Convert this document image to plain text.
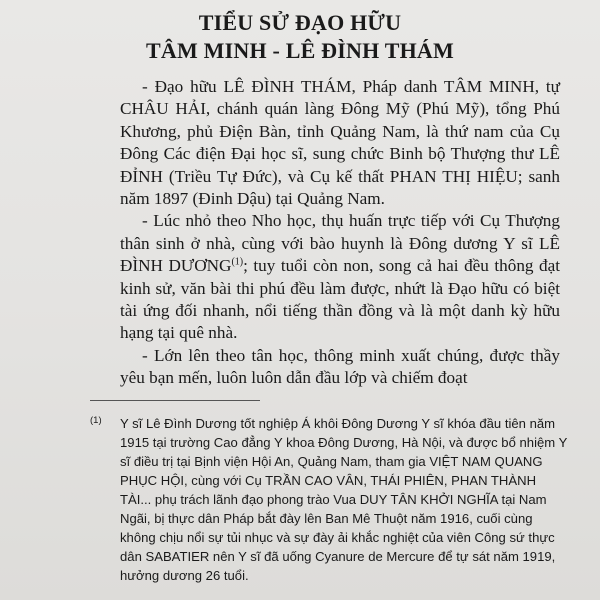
TIỂU SỬ ĐẠO HỮU
TÂM MINH - LÊ ĐÌNH THÁM

- Đạo hữu LÊ ĐÌNH THÁM, Pháp danh TÂM MINH, tự CHÂU HẢI, chánh quán làng Đông Mỹ (Phú Mỹ), tổng Phú Khương, phủ Điện Bàn, tỉnh Quảng Nam, là thứ nam của Cụ Đông Các điện Đại học sĩ, sung chức Binh bộ Thượng thư LÊ ĐỈNH (Triều Tự Đức), và Cụ kế thất PHAN THỊ HIỆU; sanh năm 1897 (Đinh Dậu) tại Quảng Nam.

- Lúc nhỏ theo Nho học, thụ huấn trực tiếp với Cụ Thượng thân sinh ở nhà, cùng với bào huynh là Đông dương Y sĩ LÊ ĐÌNH DƯƠNG$^{(1)}$; tuy tuổi còn non, song cả hai đều thông đạt kinh sử, văn bài thi phú đều làm được, nhứt là Đạo hữu có biệt tài ứng đối nhanh, nổi tiếng thần đồng và là một danh kỳ hữu hạng tại quê nhà.

- Lớn lên theo tân học, thông minh xuất chúng, được thầy yêu bạn mến, luôn luôn dẫn đầu lớp và chiếm đoạt

(1) Y sĩ Lê Đình Dương tốt nghiệp Á khôi Đông Dương Y sĩ khóa đầu tiên năm 1915 tại trường Cao đẳng Y khoa Đông Dương, Hà Nội, và được bổ nhiệm Y sĩ điều trị tại Bịnh viện Hội An, Quảng Nam, tham gia VIỆT NAM QUANG PHỤC HỘI, cùng với Cụ TRẦN CAO VÂN, THÁI PHIÊN, PHAN THÀNH TÀI... phụ trách lãnh đạo phong trào Vua DUY TÂN KHỞI NGHĨA tại Nam Ngãi, bị thực dân Pháp bắt đày lên Ban Mê Thuột năm 1916, cuối cùng không chịu nổi sự tủi nhục và sự đày ải khắc nghiệt của viên Công sứ thực dân SABATIER nên Y sĩ đã uống Cyanure de Mercure để tự sát năm 1919, hưởng dương 26 tuổi.
